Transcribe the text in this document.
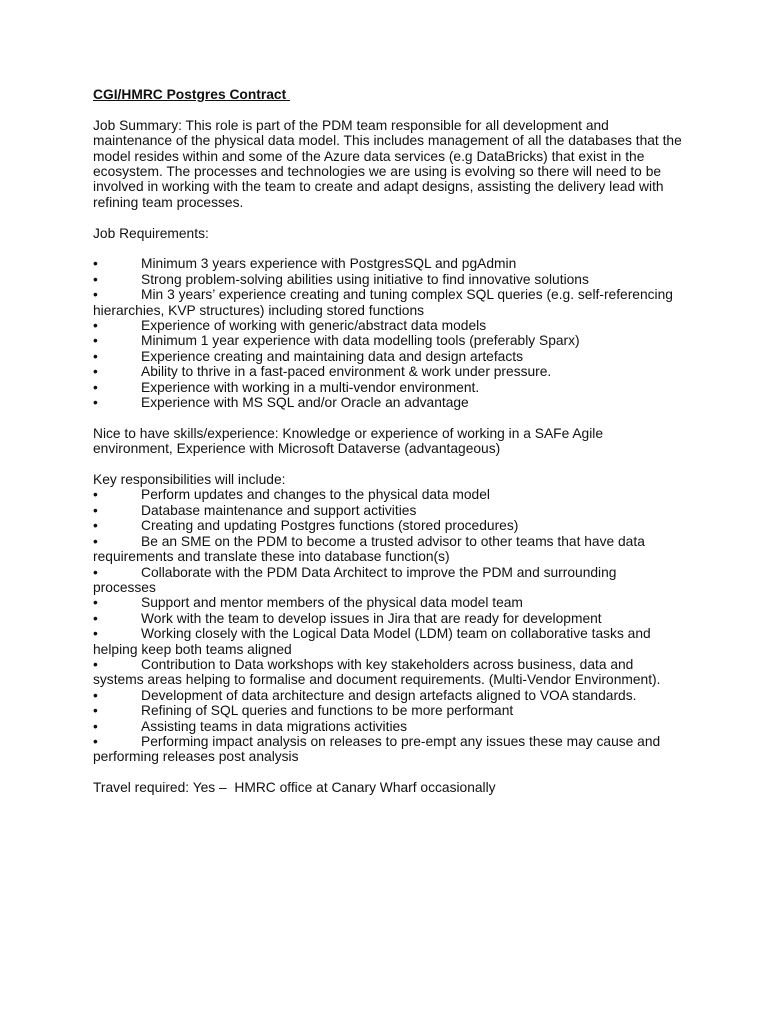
CGI/HMRC Postgres Contract

Job Summary: This role is part of the PDM team responsible for all development and maintenance of the physical data model. This includes management of all the databases that the model resides within and some of the Azure data services (e.g DataBricks) that exist in the ecosystem. The processes and technologies we are using is evolving so there will need to be involved in working with the team to create and adapt designs, assisting the delivery lead with refining team processes.

Job Requirements:

•	Minimum 3 years experience with PostgresSQL and pgAdmin
•	Strong problem-solving abilities using initiative to find innovative solutions
•	Min 3 years’ experience creating and tuning complex SQL queries (e.g. self-referencing hierarchies, KVP structures) including stored functions
•	Experience of working with generic/abstract data models
•	Minimum 1 year experience with data modelling tools (preferably Sparx)
•	Experience creating and maintaining data and design artefacts
•	Ability to thrive in a fast-paced environment & work under pressure.
•	Experience with working in a multi-vendor environment.
•	Experience with MS SQL and/or Oracle an advantage

Nice to have skills/experience: Knowledge or experience of working in a SAFe Agile environment, Experience with Microsoft Dataverse (advantageous)

Key responsibilities will include:

•	Perform updates and changes to the physical data model
•	Database maintenance and support activities
•	Creating and updating Postgres functions (stored procedures)
•	Be an SME on the PDM to become a trusted advisor to other teams that have data requirements and translate these into database function(s)
•	Collaborate with the PDM Data Architect to improve the PDM and surrounding processes
•	Support and mentor members of the physical data model team
•	Work with the team to develop issues in Jira that are ready for development
•	Working closely with the Logical Data Model (LDM) team on collaborative tasks and helping keep both teams aligned
•	Contribution to Data workshops with key stakeholders across business, data and systems areas helping to formalise and document requirements. (Multi-Vendor Environment).
•	Development of data architecture and design artefacts aligned to VOA standards.
•	Refining of SQL queries and functions to be more performant
•	Assisting teams in data migrations activities
•	Performing impact analysis on releases to pre-empt any issues these may cause and performing releases post analysis

Travel required: Yes –  HMRC office at Canary Wharf occasionally
